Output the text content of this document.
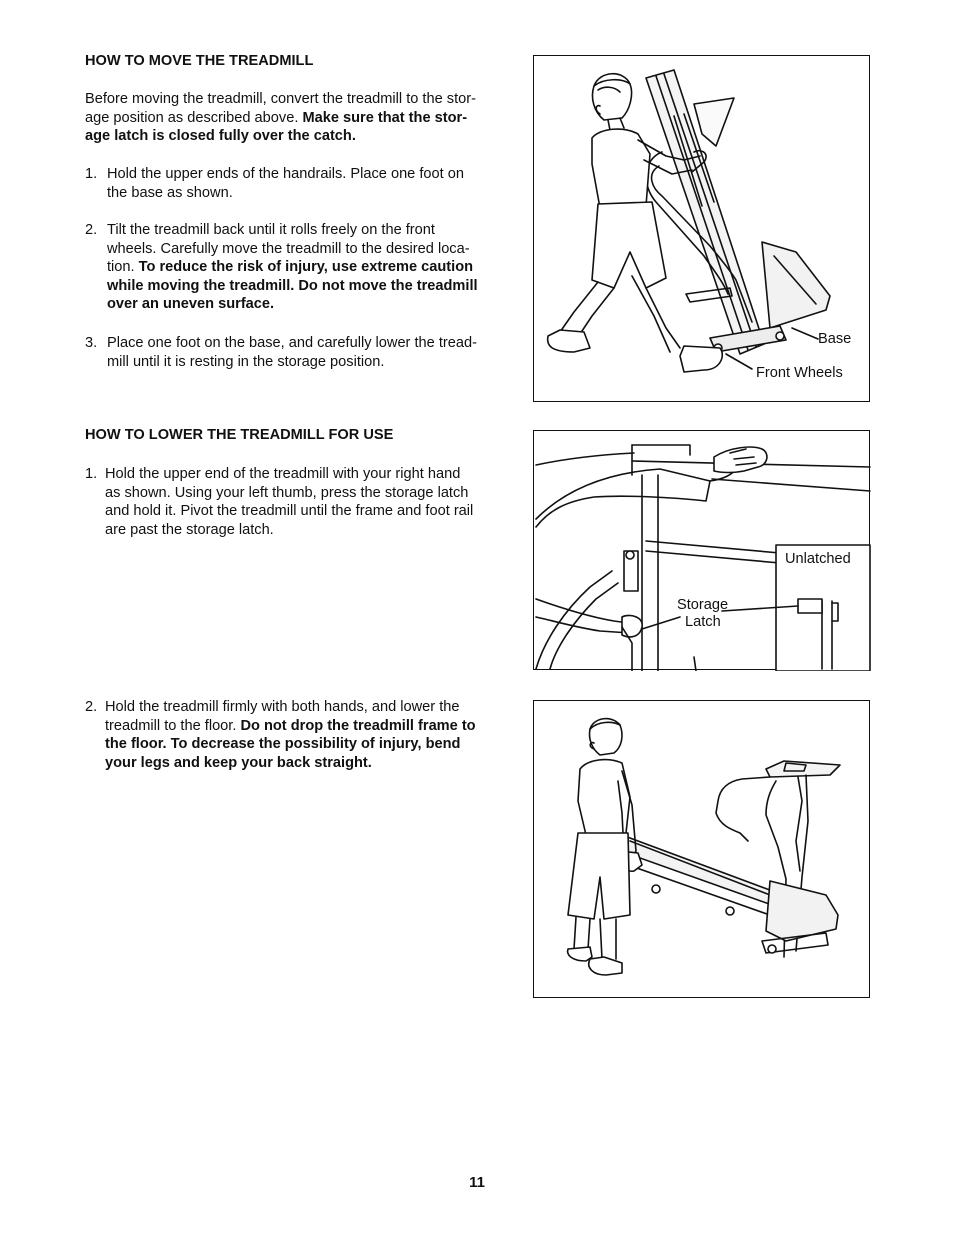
HOW TO MOVE THE TREADMILL
Before moving the treadmill, convert the treadmill to the stor-
age position as described above. Make sure that the stor-
age latch is closed fully over the catch.
1. Hold the upper ends of the handrails. Place one foot on
the base as shown.
2. Tilt the treadmill back until it rolls freely on the front
wheels. Carefully move the treadmill to the desired loca-
tion. To reduce the risk of injury, use extreme caution
while moving the treadmill. Do not move the treadmill
over an uneven surface.
3. Place one foot on the base, and carefully lower the tread-
mill until it is resting in the storage position.
Base
Front Wheels
HOW TO LOWER THE TREADMILL FOR USE
1. Hold the upper end of the treadmill with your right hand
as shown. Using your left thumb, press the storage latch
and hold it. Pivot the treadmill until the frame and foot rail
are past the storage latch.
Unlatched
Storage
Latch
2. Hold the treadmill firmly with both hands, and lower the
treadmill to the floor. Do not drop the treadmill frame to
the floor. To decrease the possibility of injury, bend
your legs and keep your back straight.
11
